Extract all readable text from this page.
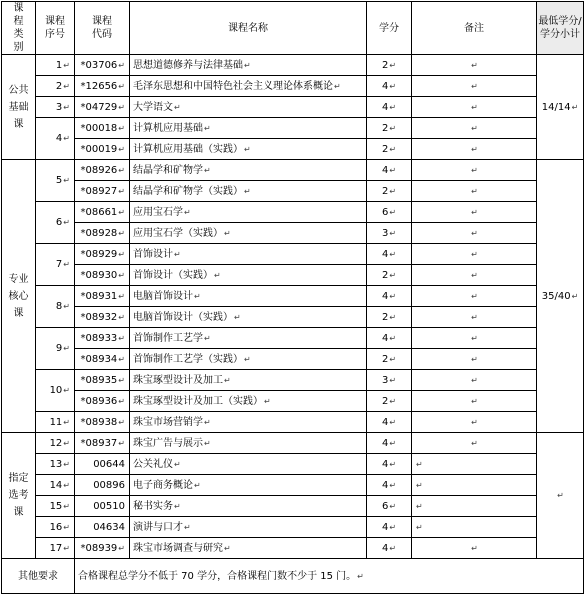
课程类别	课程序号	课程代码	课程名称	学分	备注	最低学分/学分小计
公共基础课	1↵	*03706↵	思想道德修养与法律基础↵	2↵	↵	14/14↵
	2↵	*12656↵	毛泽东思想和中国特色社会主义理论体系概论↵	4↵	↵	
	3↵	*04729↵	大学语文↵	4↵	↵	
	4↵	*00018↵	计算机应用基础↵	2↵	↵	
		*00019↵	计算机应用基础（实践）↵	2↵	↵	
专业核心课	5↵	*08926↵	结晶学和矿物学↵	4↵	↵	35/40↵
		*08927↵	结晶学和矿物学（实践）↵	2↵	↵	
	6↵	*08661↵	应用宝石学↵	6↵	↵	
		*08928↵	应用宝石学（实践）↵	3↵	↵	
	7↵	*08929↵	首饰设计↵	4↵	↵	
		*08930↵	首饰设计（实践）↵	2↵	↵	
	8↵	*08931↵	电脑首饰设计↵	4↵	↵	
		*08932↵	电脑首饰设计（实践）↵	2↵	↵	
	9↵	*08933↵	首饰制作工艺学↵	4↵	↵	
		*08934↵	首饰制作工艺学（实践）↵	2↵	↵	
	10↵	*08935↵	珠宝琢型设计及加工↵	3↵	↵	
		*08936↵	珠宝琢型设计及加工（实践）↵	2↵	↵	
	11↵	*08938↵	珠宝市场营销学↵	4↵	↵	
指定选考课	12↵	*08937↵	珠宝广告与展示↵	4↵	↵	↵
	13↵	00644	公关礼仪↵	4↵	↵	
	14↵	00896	电子商务概论↵	4↵	↵	
	15↵	00510	秘书实务↵	6↵	↵	
	16↵	04634	演讲与口才↵	4↵	↵	
	17↵	*08939↵	珠宝市场调查与研究↵	4↵	↵	
其他要求		合格课程总学分不低于 70 学分，合格课程门数不少于 15 门。↵				
